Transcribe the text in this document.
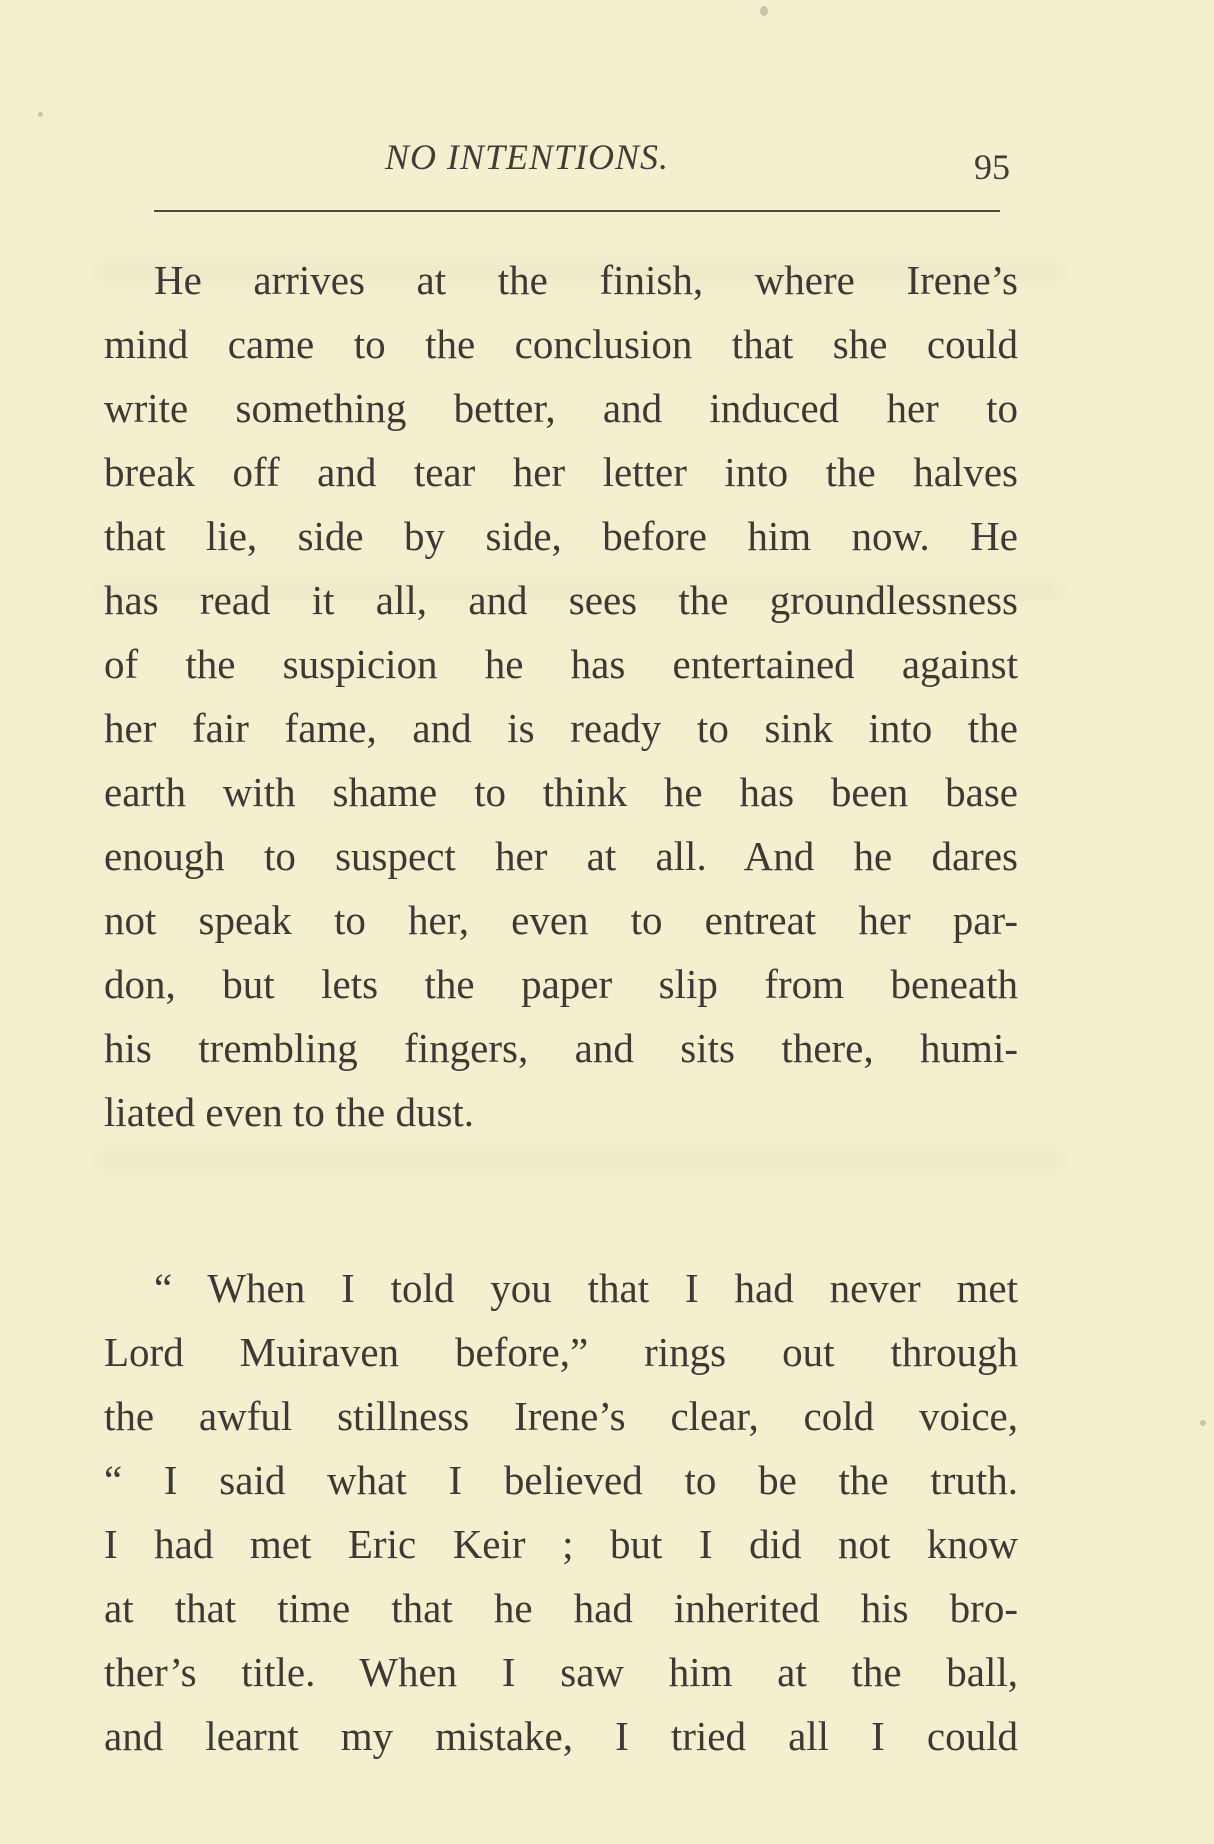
NO INTENTIONS.	95
He arrives at the finish, where Irene’s
mind came to the conclusion that she could
write something better, and induced her to
break off and tear her letter into the halves
that lie, side by side, before him now. He
has read it all, and sees the groundlessness
of the suspicion he has entertained against
her fair fame, and is ready to sink into the
earth with shame to think he has been base
enough to suspect her at all. And he dares
not speak to her, even to entreat her par-
don, but lets the paper slip from beneath
his trembling fingers, and sits there, humi-
liated even to the dust.
“ When I told you that I had never met
Lord Muiraven before,” rings out through
the awful stillness Irene’s clear, cold voice,
“ I said what I believed to be the truth.
I had met Eric Keir ; but I did not know
at that time that he had inherited his bro-
ther’s title. When I saw him at the ball,
and learnt my mistake, I tried all I could
